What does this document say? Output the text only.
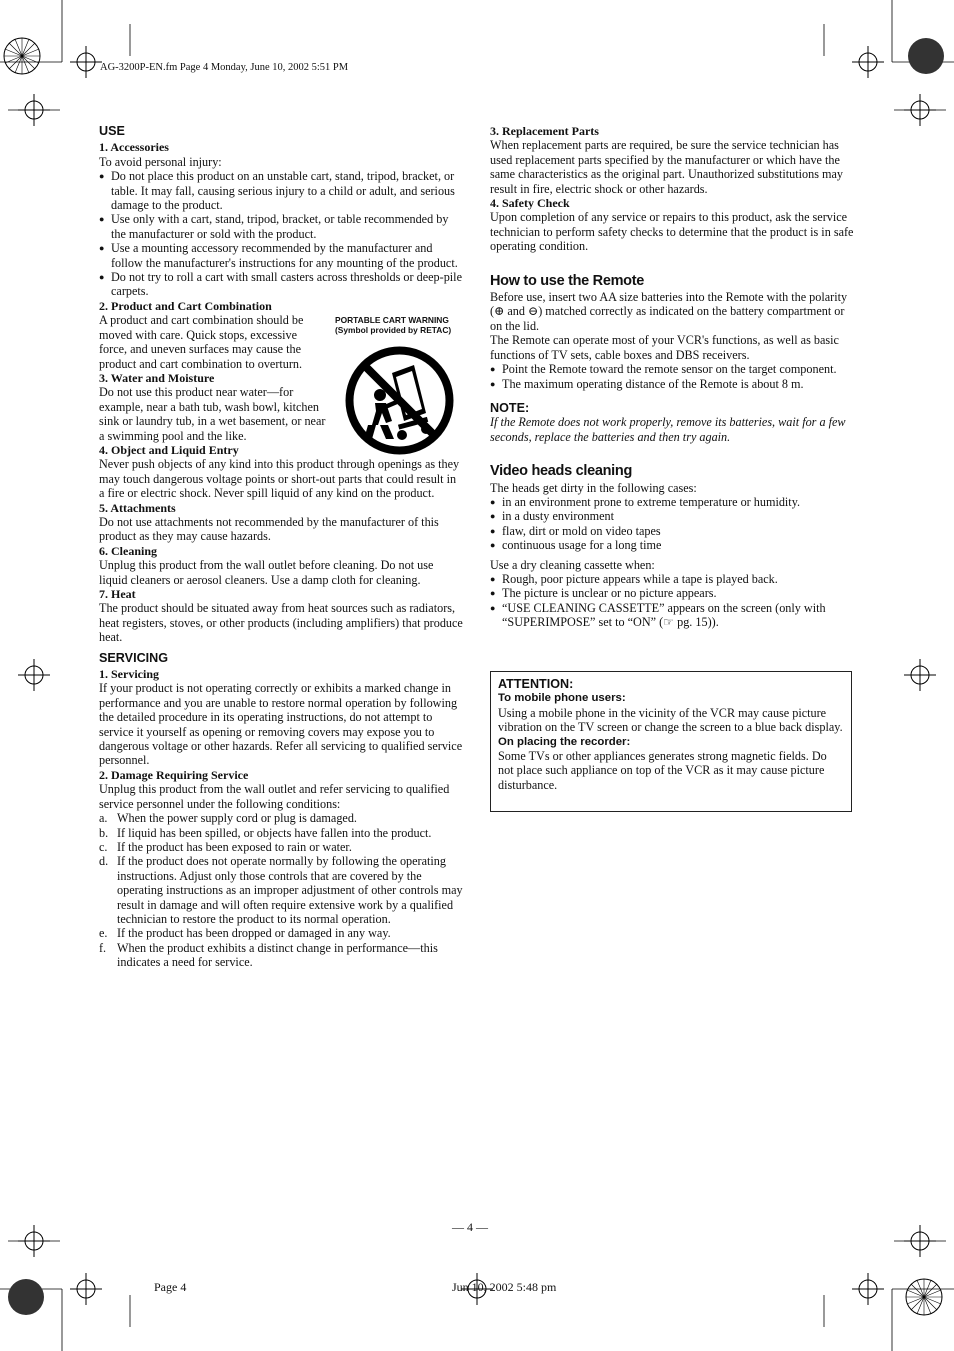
AG-3200P-EN.fm Page 4 Monday, June 10, 2002 5:51 PM
USE
1. Accessories

To avoid personal injury:

● Do not place this product on an unstable cart, stand, tripod, bracket, or table. It may fall, causing serious injury to a child or adult, and serious damage to the product.
● Use only with a cart, stand, tripod, bracket, or table recommended by the manufacturer or sold with the product.
● Use a mounting accessory recommended by the manufacturer and follow the manufacturer's instructions for any mounting of the product.
● Do not try to roll a cart with small casters across thresholds or deep-pile carpets.
2. Product and Cart Combination

A product and cart combination should be moved with care. Quick stops, excessive force, and uneven surfaces may cause the product and cart combination to overturn.

3. Water and Moisture

Do not use this product near water—for example, near a bath tub, wash bowl, kitchen sink or laundry tub, in a wet basement, or near a swimming pool and the like.

4. Object and Liquid Entry

Never push objects of any kind into this product through openings as they may touch dangerous voltage points or short-out parts that could result in a fire or electric shock. Never spill liquid of any kind on the product.

5. Attachments

Do not use attachments not recommended by the manufacturer of this product as they may cause hazards.

6. Cleaning

Unplug this product from the wall outlet before cleaning. Do not use liquid cleaners or aerosol cleaners. Use a damp cloth for cleaning.

7. Heat

The product should be situated away from heat sources such as radiators, heat registers, stoves, or other products (including amplifiers) that produce heat.

SERVICING
1. Servicing

If your product is not operating correctly or exhibits a marked change in performance and you are unable to restore normal operation by following the detailed procedure in its operating instructions, do not attempt to service it yourself as opening or removing covers may expose you to dangerous voltage or other hazards. Refer all servicing to qualified service personnel.

2. Damage Requiring Service

Unplug this product from the wall outlet and refer servicing to qualified service personnel under the following conditions:

a. When the power supply cord or plug is damaged.
b. If liquid has been spilled, or objects have fallen into the product.
c. If the product has been exposed to rain or water.
d. If the product does not operate normally by following the operating instructions. Adjust only those controls that are covered by the operating instructions as an improper adjustment of other controls may result in damage and will often require extensive work by a qualified technician to restore the product to its normal operation.
e. If the product has been dropped or damaged in any way.
f. When the product exhibits a distinct change in performance—this indicates a need for service.
PORTABLE CART WARNING
(Symbol provided by RETAC)
3. Replacement Parts

When replacement parts are required, be sure the service technician has used replacement parts specified by the manufacturer or which have the same characteristics as the original part. Unauthorized substitutions may result in fire, electric shock or other hazards.

4. Safety Check

Upon completion of any service or repairs to this product, ask the service technician to perform safety checks to determine that the product is in safe operating condition.

How to use the Remote

Before use, insert two AA size batteries into the Remote with the polarity (⊕ and ⊖) matched correctly as indicated on the battery compartment or on the lid.

The Remote can operate most of your VCR's functions, as well as basic functions of TV sets, cable boxes and DBS receivers.

● Point the Remote toward the remote sensor on the target component.
● The maximum operating distance of the Remote is about 8 m.
NOTE:

If the Remote does not work properly, remove its batteries, wait for a few seconds, replace the batteries and then try again.

Video heads cleaning

The heads get dirty in the following cases:

● in an environment prone to extreme temperature or humidity.
● in a dusty environment
● flaw, dirt or mold on video tapes
● continuous usage for a long time

Use a dry cleaning cassette when:

● Rough, poor picture appears while a tape is played back.
● The picture is unclear or no picture appears.
● “USE CLEANING CASSETTE” appears on the screen (only with “SUPERIMPOSE” set to “ON” (☞ pg. 15)).
ATTENTION:
To mobile phone users:

Using a mobile phone in the vicinity of the VCR may cause picture vibration on the TV screen or change the screen to a blue back display.

On placing the recorder:

Some TVs or other appliances generates strong magnetic fields. Do not place such appliance on top of the VCR as it may cause picture disturbance.

— 4 —
Page 4	Jun 10, 2002 5:48 pm
